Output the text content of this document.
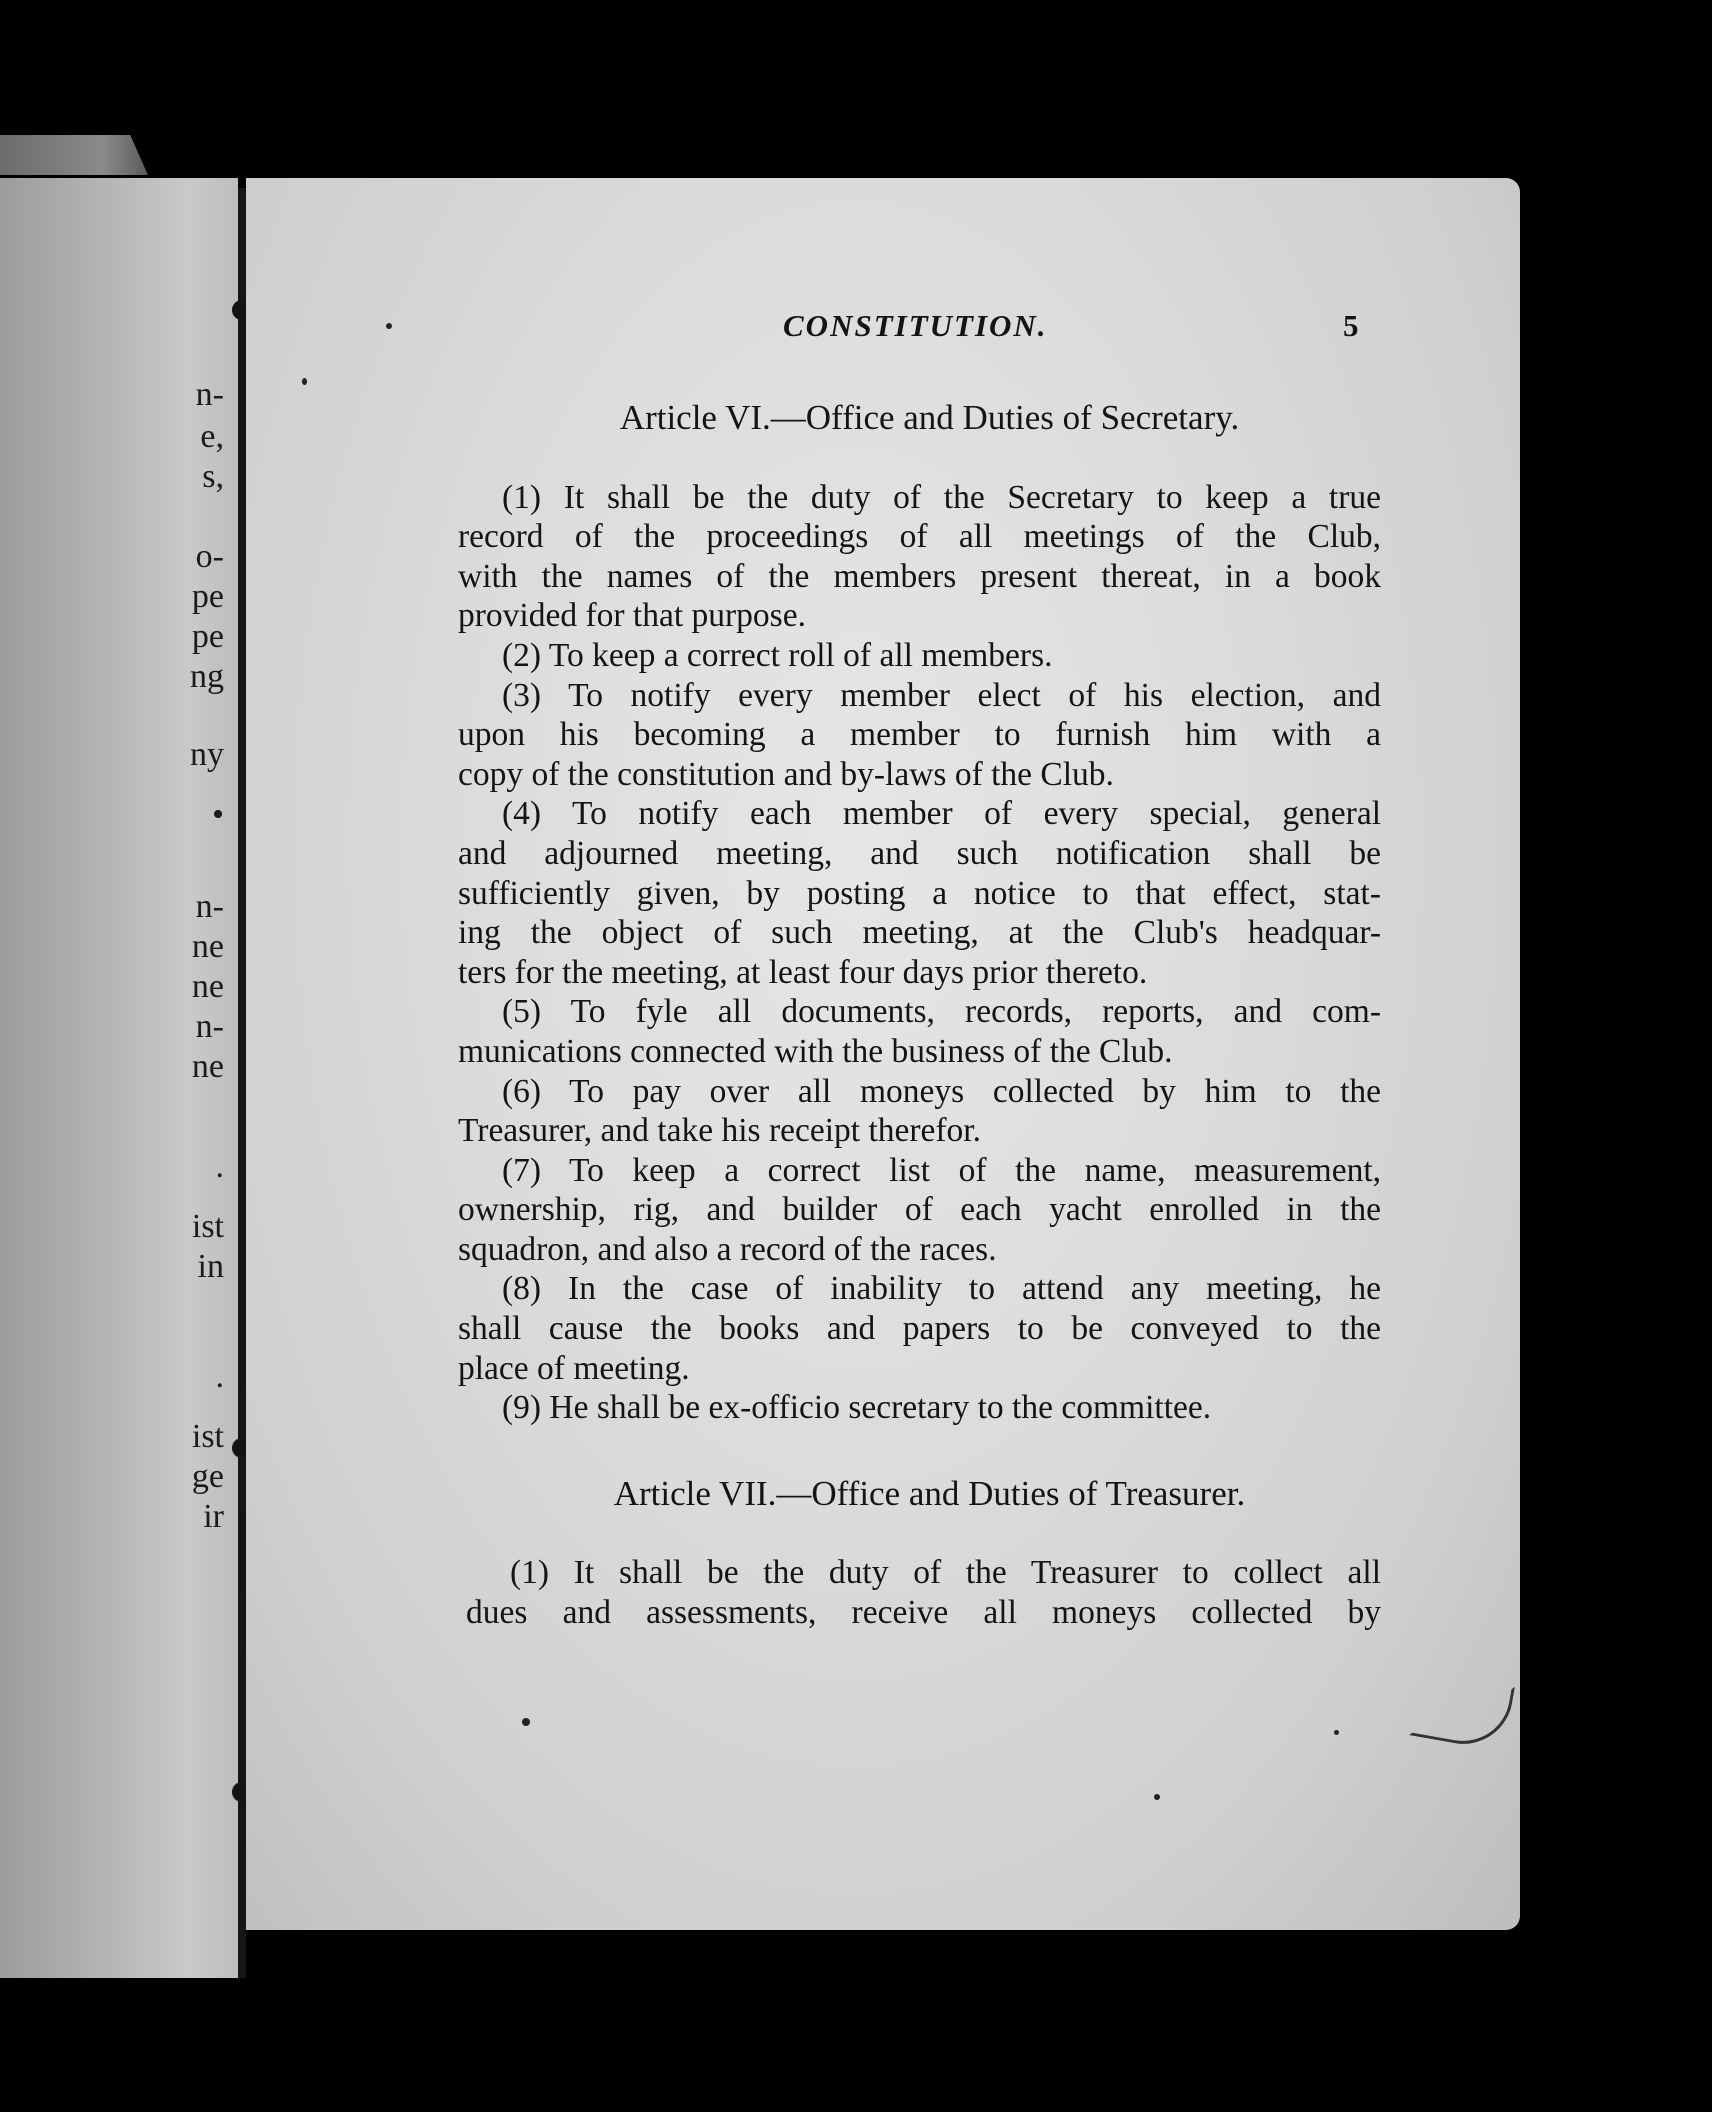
n-
e,
s,
o-
pe
pe
ng
ny
•
n-
ne
ne
n-
ne
.
ist
in
.
ist
ge
ir
CONSTITUTION.	5
Article VI.—Office and Duties of Secretary.
(1) It shall be the duty of the Secretary to keep a true
record of the proceedings of all meetings of the Club,
with the names of the members present thereat, in a book
provided for that purpose.
(2) To keep a correct roll of all members.
(3) To notify every member elect of his election, and
upon his becoming a member to furnish him with a
copy of the constitution and by-laws of the Club.
(4) To notify each member of every special, general
and adjourned meeting, and such notification shall be
sufficiently given, by posting a notice to that effect, stat-
ing the object of such meeting, at the Club's headquar-
ters for the meeting, at least four days prior thereto.
(5) To fyle all documents, records, reports, and com-
munications connected with the business of the Club.
(6) To pay over all moneys collected by him to the
Treasurer, and take his receipt therefor.
(7) To keep a correct list of the name, measurement,
ownership, rig, and builder of each yacht enrolled in the
squadron, and also a record of the races.
(8) In the case of inability to attend any meeting, he
shall cause the books and papers to be conveyed to the
place of meeting.
(9) He shall be ex-officio secretary to the committee.
Article VII.—Office and Duties of Treasurer.
(1) It shall be the duty of the Treasurer to collect all
dues and assessments, receive all moneys collected by
